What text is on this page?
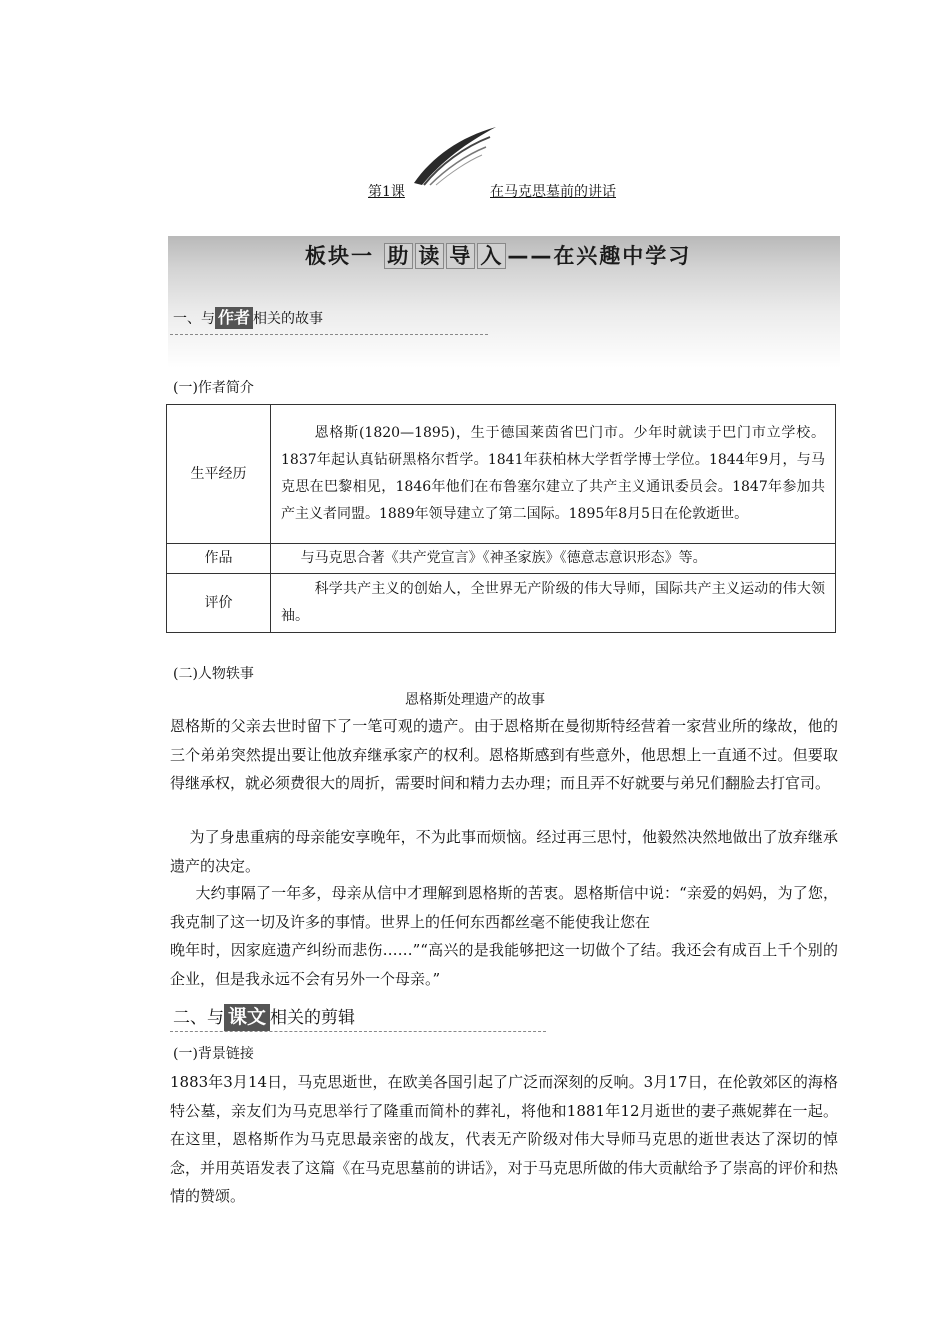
第1课	在马克思墓前的讲话
板块一 助 读 导 入 ——在兴趣中学习
一、与 作者 相关的故事
(一)作者简介
生平经历	恩格斯(1820—1895)，生于德国莱茵省巴门市。少年时就读于巴门市立学校。1837年起认真钻研黑格尔哲学。1841年获柏林大学哲学博士学位。1844年9月，与马克思在巴黎相见，1846年他们在布鲁塞尔建立了共产主义通讯委员会。1847年参加共产主义者同盟。1889年领导建立了第二国际。1895年8月5日在伦敦逝世。
作品	与马克思合著《共产党宣言》《神圣家族》《德意志意识形态》等。
评价	科学共产主义的创始人，全世界无产阶级的伟大导师，国际共产主义运动的伟大领袖。
(二)人物轶事
恩格斯处理遗产的故事
恩格斯的父亲去世时留下了一笔可观的遗产。由于恩格斯在曼彻斯特经营着一家营业所的缘故，他的三个弟弟突然提出要让他放弃继承家产的权利。恩格斯感到有些意外，他思想上一直通不过。但要取得继承权，就必须费很大的周折，需要时间和精力去办理；而且弄不好就要与弟兄们翻脸去打官司。
为了身患重病的母亲能安享晚年，不为此事而烦恼。经过再三思忖，他毅然决然地做出了放弃继承遗产的决定。
大约事隔了一年多，母亲从信中才理解到恩格斯的苦衷。恩格斯信中说：“亲爱的妈妈，为了您，我克制了这一切及许多的事情。世界上的任何东西都丝毫不能使我让您在
晚年时，因家庭遗产纠纷而悲伤……”“高兴的是我能够把这一切做个了结。我还会有成百上千个别的企业，但是我永远不会有另外一个母亲。”
二、与 课文 相关的剪辑
(一)背景链接
1883年3月14日，马克思逝世，在欧美各国引起了广泛而深刻的反响。3月17日，在伦敦郊区的海格特公墓，亲友们为马克思举行了隆重而简朴的葬礼，将他和1881年12月逝世的妻子燕妮葬在一起。在这里，恩格斯作为马克思最亲密的战友，代表无产阶级对伟大导师马克思的逝世表达了深切的悼念，并用英语发表了这篇《在马克思墓前的讲话》，对于马克思所做的伟大贡献给予了崇高的评价和热情的赞颂。
